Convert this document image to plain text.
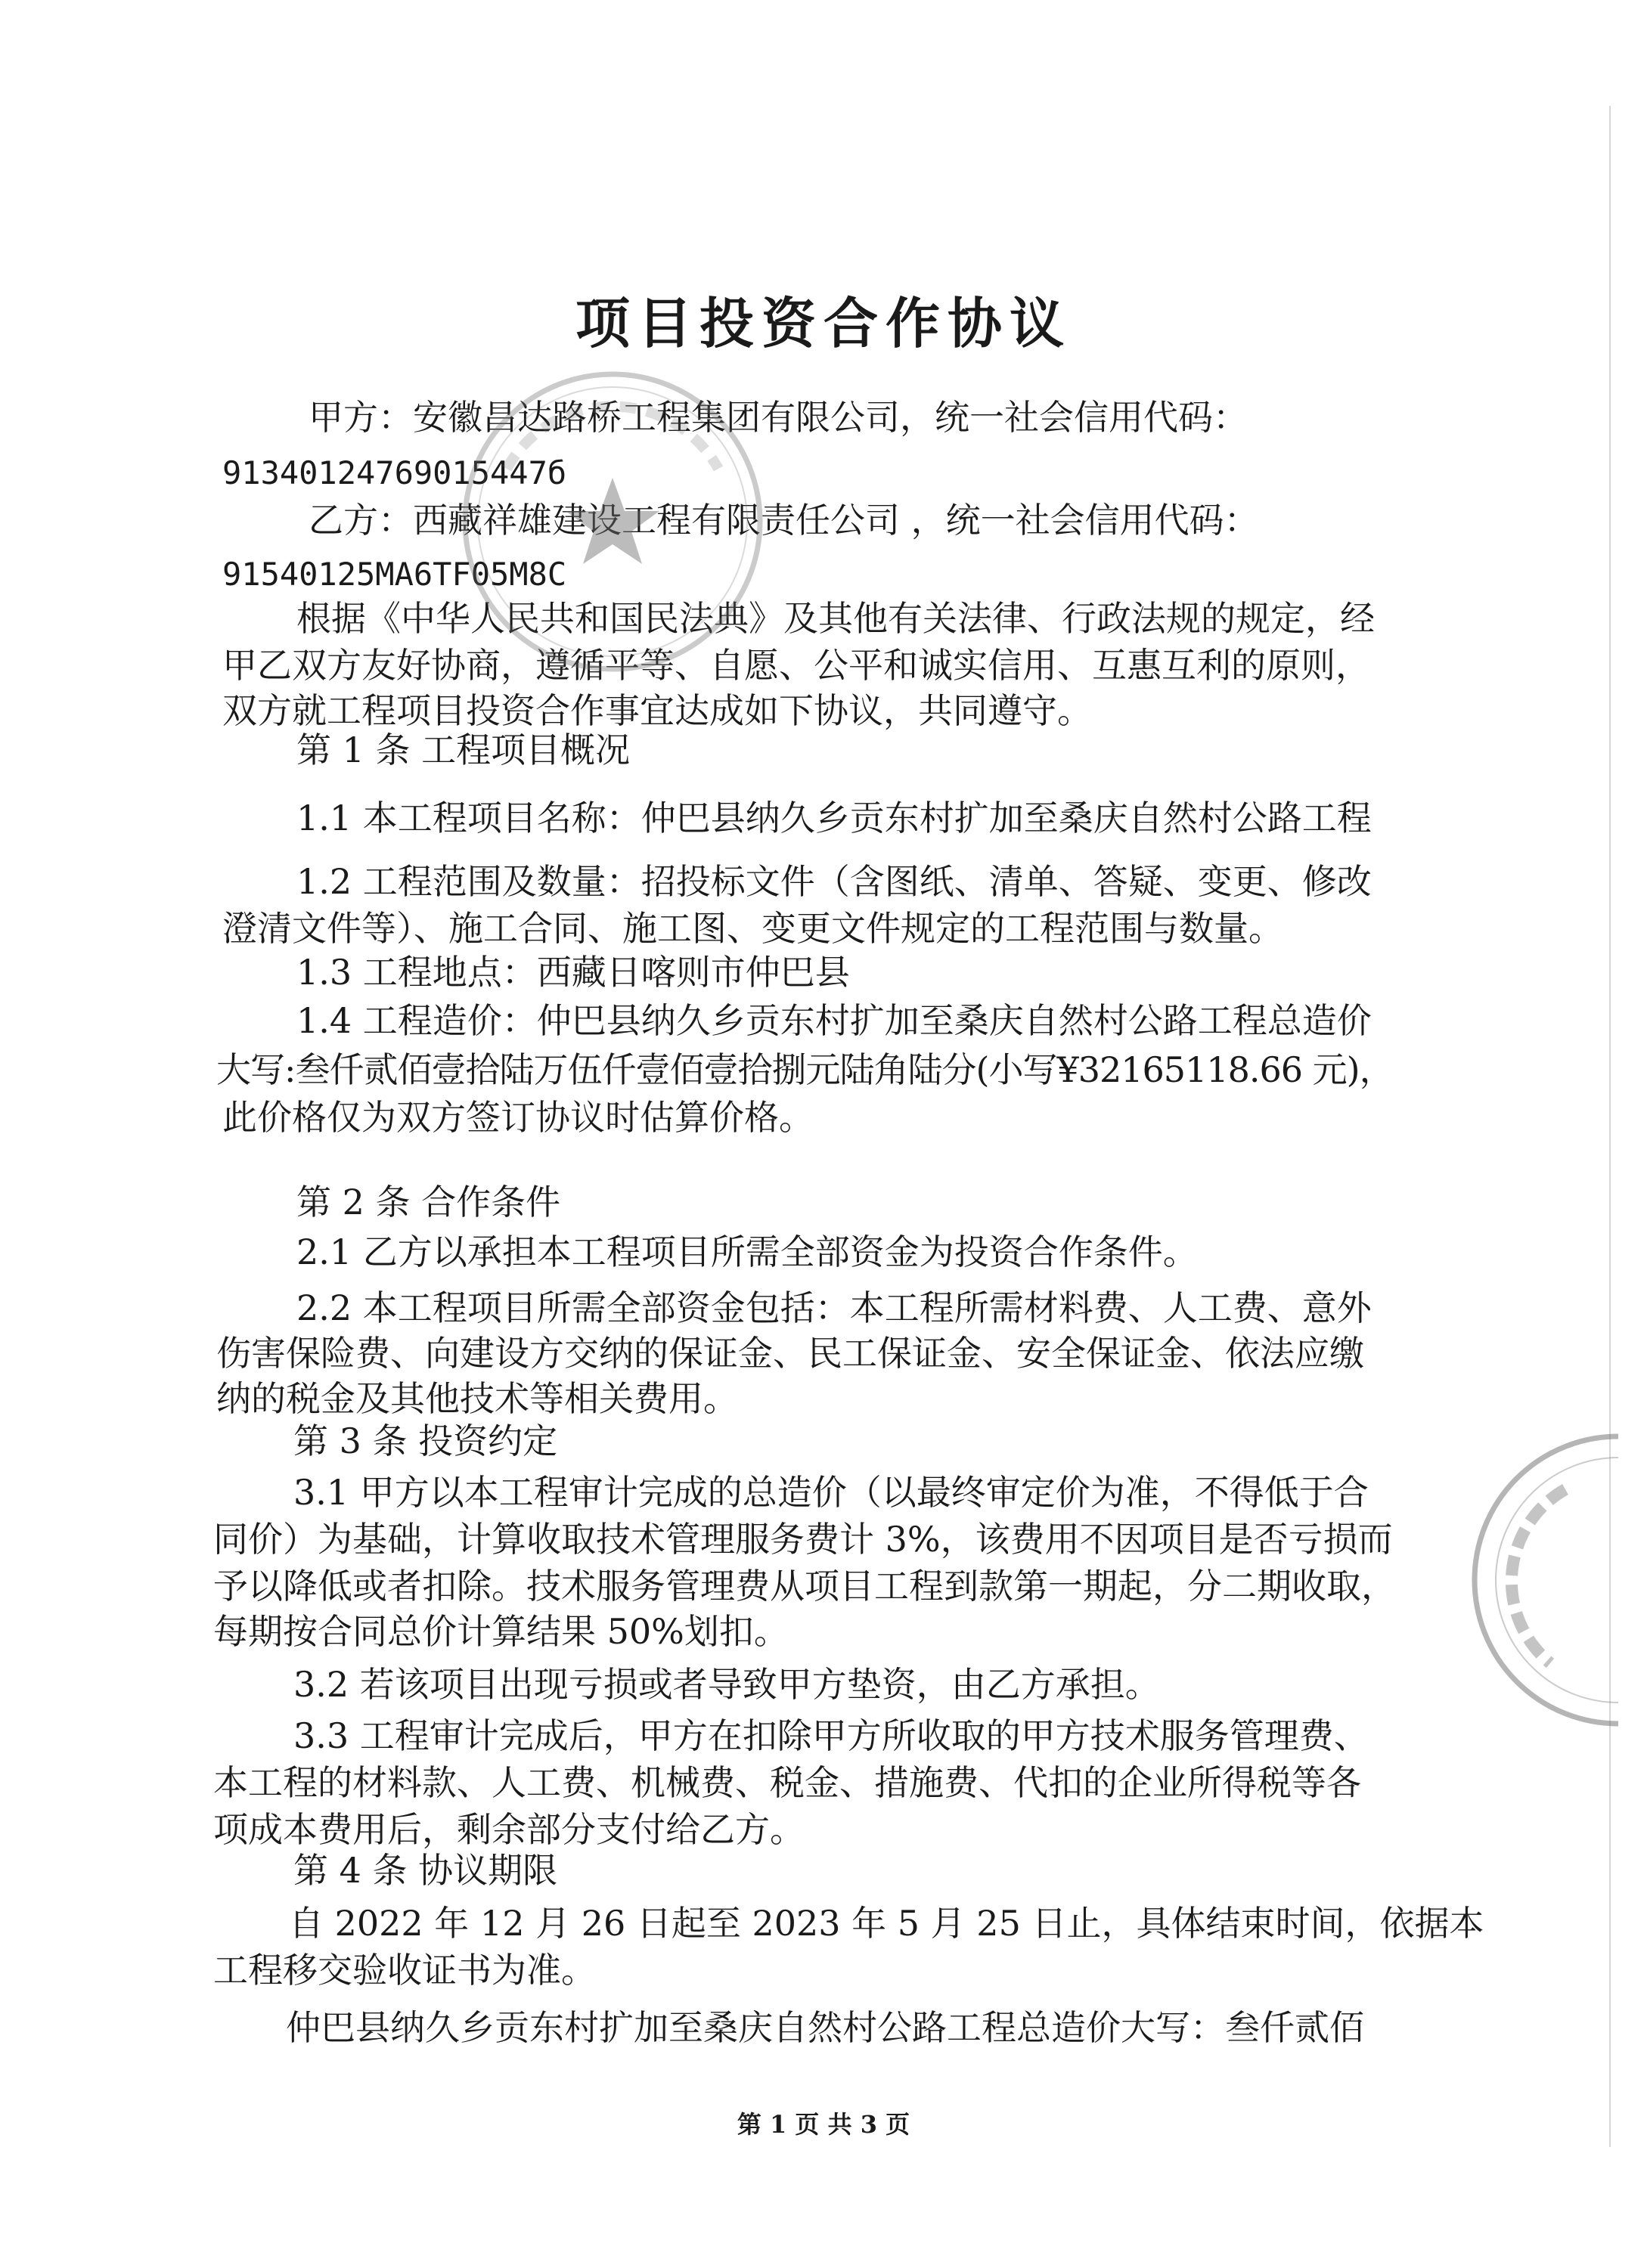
项目投资合作协议
甲方：安徽昌达路桥工程集团有限公司，统一社会信用代码：
91340124769015447б
乙方：西藏祥雄建设工程有限责任公司 ，统一社会信用代码：
91540125MA6TF05M8C
根据《中华人民共和国民法典》及其他有关法律、行政法规的规定，经
甲乙双方友好协商，遵循平等、自愿、公平和诚实信用、互惠互利的原则，
双方就工程项目投资合作事宜达成如下协议，共同遵守。
第 1 条 工程项目概况
1.1 本工程项目名称：仲巴县纳久乡贡东村扩加至桑庆自然村公路工程
1.2 工程范围及数量：招投标文件（含图纸、清单、答疑、变更、修改
澄清文件等）、施工合同、施工图、变更文件规定的工程范围与数量。
1.3 工程地点：西藏日喀则市仲巴县
1.4 工程造价：仲巴县纳久乡贡东村扩加至桑庆自然村公路工程总造价
大写:叁仟贰佰壹拾陆万伍仟壹佰壹拾捌元陆角陆分(小写¥32165118.66 元)，
此价格仅为双方签订协议时估算价格。
第 2 条 合作条件
2.1 乙方以承担本工程项目所需全部资金为投资合作条件。
2.2 本工程项目所需全部资金包括：本工程所需材料费、人工费、意外
伤害保险费、向建设方交纳的保证金、民工保证金、安全保证金、依法应缴
纳的税金及其他技术等相关费用。
第 3 条 投资约定
3.1 甲方以本工程审计完成的总造价（以最终审定价为准，不得低于合
同价）为基础，计算收取技术管理服务费计 3%，该费用不因项目是否亏损而
予以降低或者扣除。技术服务管理费从项目工程到款第一期起，分二期收取，
每期按合同总价计算结果 50%划扣。
3.2 若该项目出现亏损或者导致甲方垫资，由乙方承担。
3.3 工程审计完成后，甲方在扣除甲方所收取的甲方技术服务管理费、
本工程的材料款、人工费、机械费、税金、措施费、代扣的企业所得税等各
项成本费用后，剩余部分支付给乙方。
第 4 条 协议期限
自 2022 年 12 月 26 日起至 2023 年 5 月 25 日止，具体结束时间，依据本
工程移交验收证书为准。
仲巴县纳久乡贡东村扩加至桑庆自然村公路工程总造价大写：叁仟贰佰
第 1 页 共 3 页
